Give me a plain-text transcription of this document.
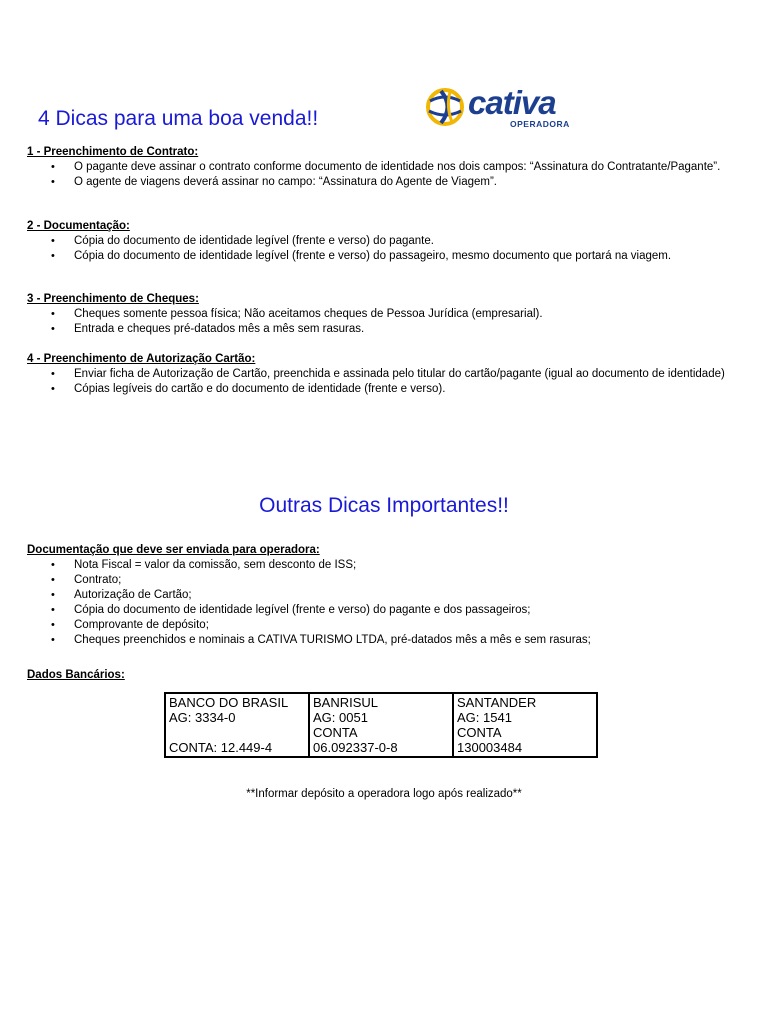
4 Dicas para uma boa venda!!	cativa
OPERADORA
1 - Preenchimento de Contrato:
• O pagante deve assinar o contrato conforme documento de identidade nos dois campos: “Assinatura do Contratante/Pagante”.
• O agente de viagens deverá assinar no campo: “Assinatura do Agente de Viagem”.
2 - Documentação:
• Cópia do documento de identidade legível (frente e verso) do pagante.
• Cópia do documento de identidade legível (frente e verso) do passageiro, mesmo documento que portará na viagem.
3 - Preenchimento de Cheques:
• Cheques somente pessoa física; Não aceitamos cheques de Pessoa Jurídica (empresarial).
• Entrada e cheques pré-datados mês a mês sem rasuras.
4 - Preenchimento de Autorização Cartão:
• Enviar ficha de Autorização de Cartão, preenchida e assinada pelo titular do cartão/pagante (igual ao documento de identidade)
• Cópias legíveis do cartão e do documento de identidade (frente e verso).
Outras Dicas Importantes!!
Documentação que deve ser enviada para operadora:
• Nota Fiscal = valor da comissão, sem desconto de ISS;
• Contrato;
• Autorização de Cartão;
• Cópia do documento de identidade legível (frente e verso) do pagante e dos passageiros;
• Comprovante de depósito;
• Cheques preenchidos e nominais a CATIVA TURISMO LTDA, pré-datados mês a mês e sem rasuras;
Dados Bancários:
BANCO DO BRASIL
AG: 3334-0
CONTA: 12.449-4

BANRISUL
AG: 0051
CONTA
06.092337-0-8

SANTANDER
AG: 1541
CONTA
130003484
**Informar depósito a operadora logo após realizado**
